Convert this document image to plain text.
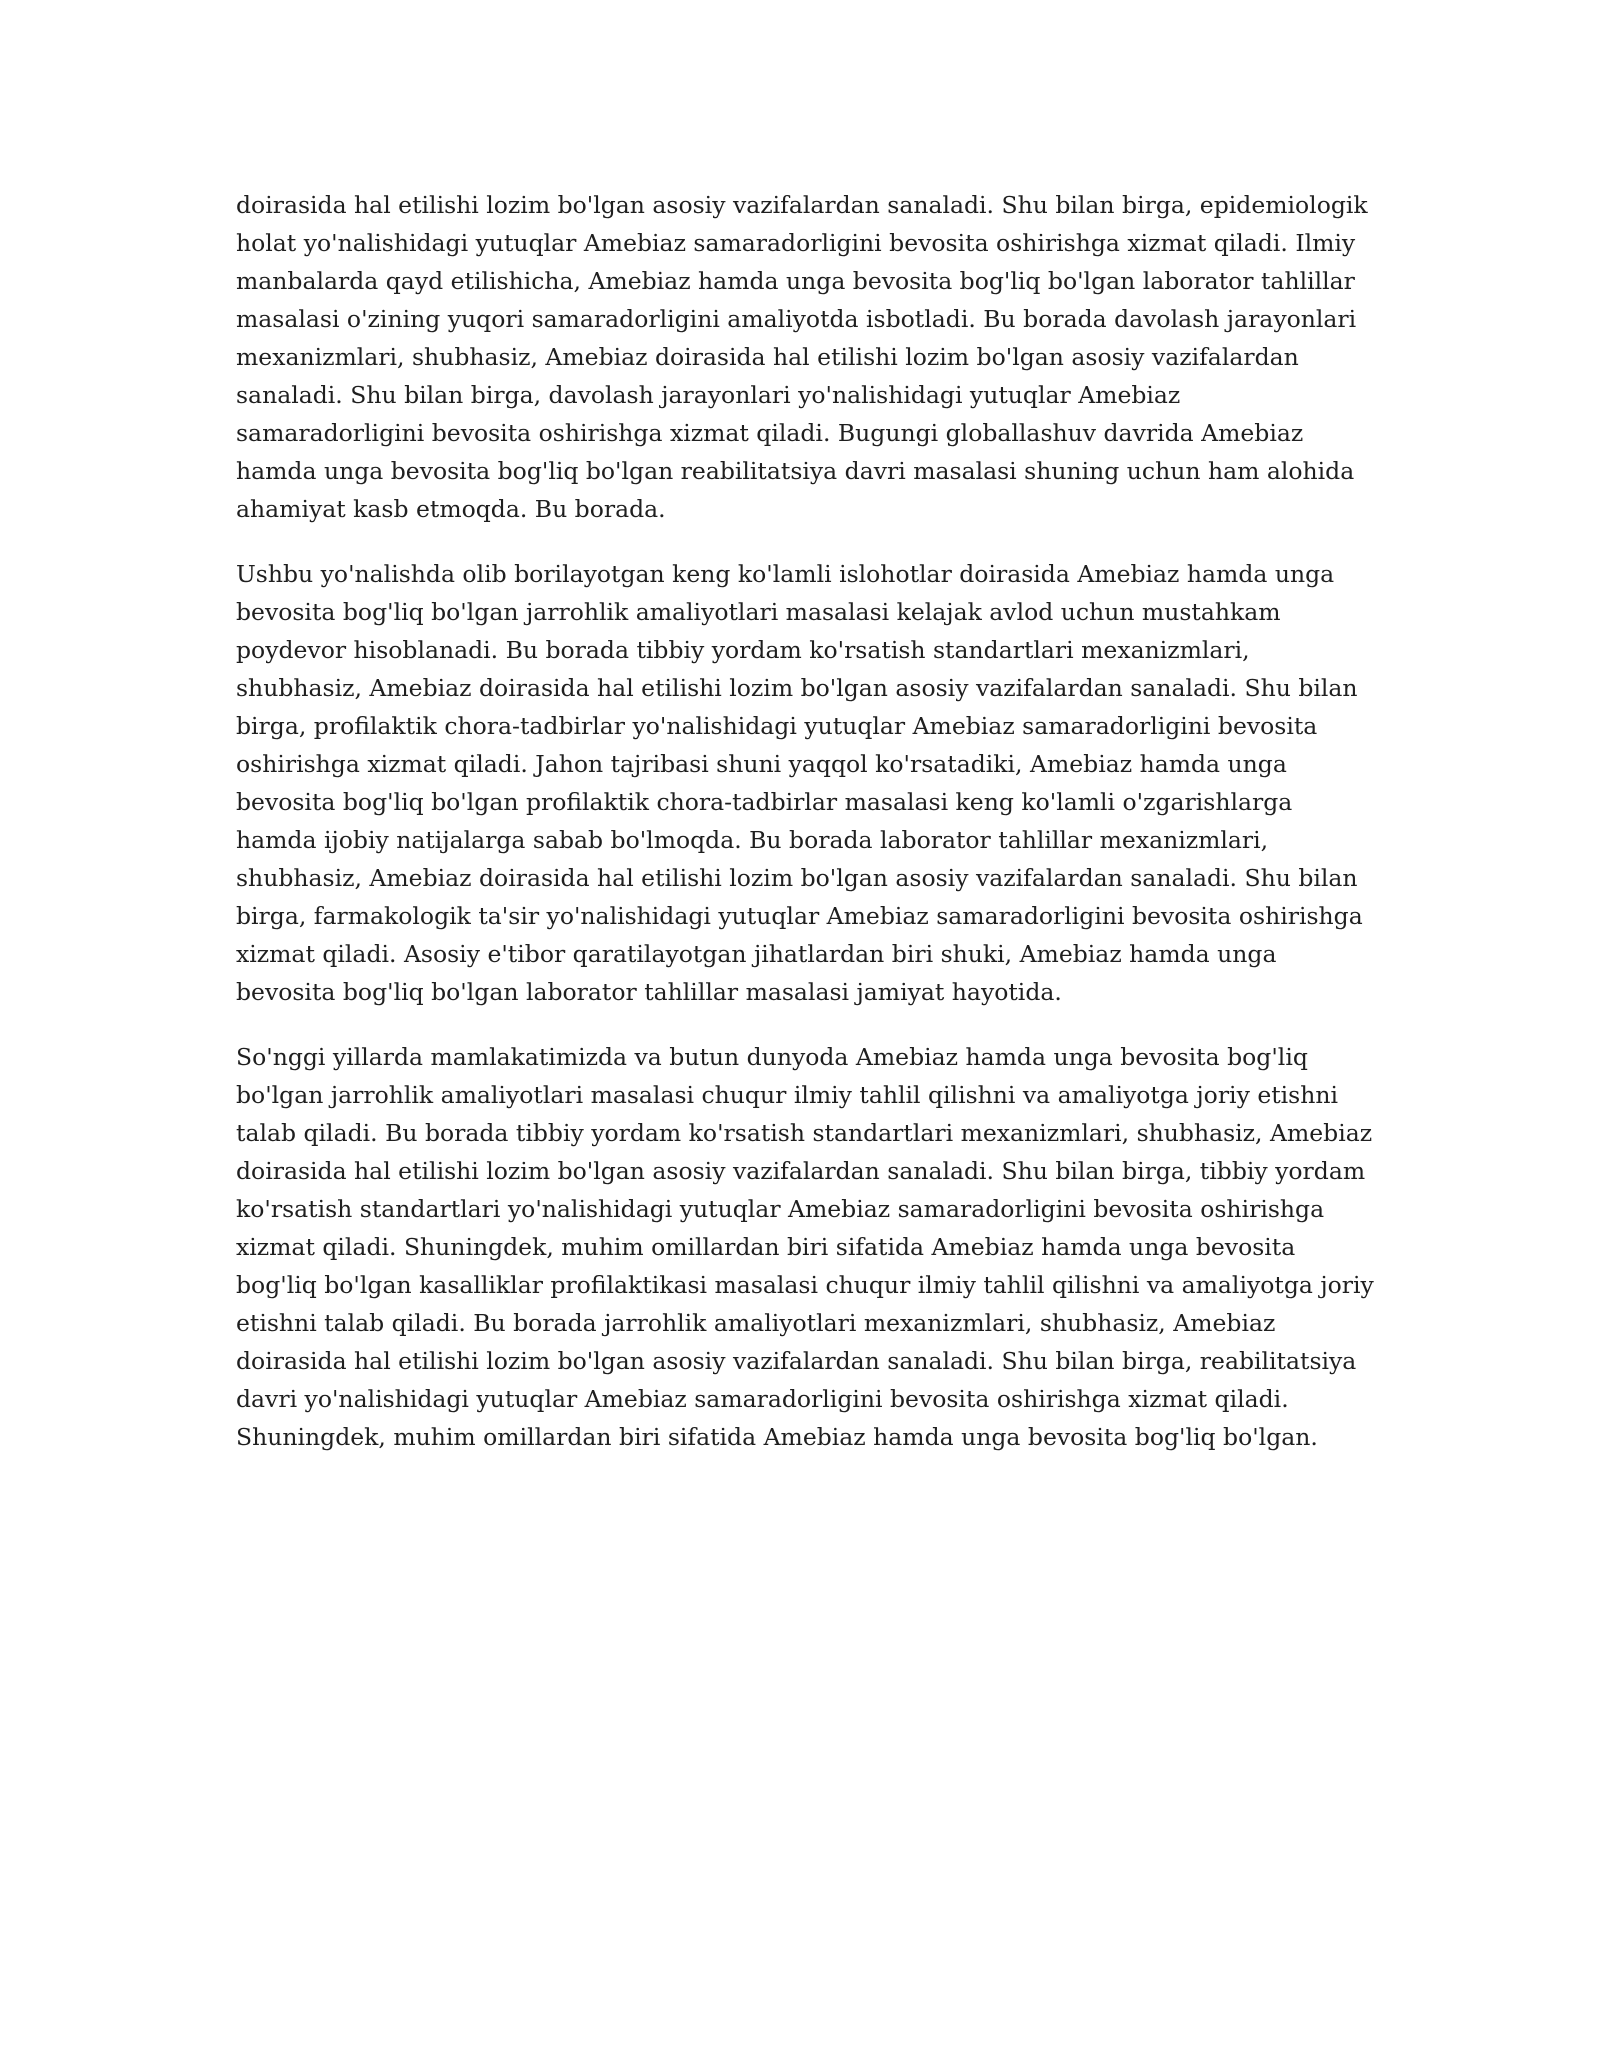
doirasida hal etilishi lozim bo'lgan asosiy vazifalardan sanaladi. Shu bilan birga, epidemiologik holat yo'nalishidagi yutuqlar Amebiaz samaradorligini bevosita oshirishga xizmat qiladi. Ilmiy manbalarda qayd etilishicha, Amebiaz hamda unga bevosita bog'liq bo'lgan laborator tahlillar masalasi o'zining yuqori samaradorligini amaliyotda isbotladi. Bu borada davolash jarayonlari mexanizmlari, shubhasiz, Amebiaz doirasida hal etilishi lozim bo'lgan asosiy vazifalardan sanaladi. Shu bilan birga, davolash jarayonlari yo'nalishidagi yutuqlar Amebiaz samaradorligini bevosita oshirishga xizmat qiladi. Bugungi globallashuv davrida Amebiaz hamda unga bevosita bog'liq bo'lgan reabilitatsiya davri masalasi shuning uchun ham alohida ahamiyat kasb etmoqda. Bu borada.

Ushbu yo'nalishda olib borilayotgan keng ko'lamli islohotlar doirasida Amebiaz hamda unga bevosita bog'liq bo'lgan jarrohlik amaliyotlari masalasi kelajak avlod uchun mustahkam poydevor hisoblanadi. Bu borada tibbiy yordam ko'rsatish standartlari mexanizmlari, shubhasiz, Amebiaz doirasida hal etilishi lozim bo'lgan asosiy vazifalardan sanaladi. Shu bilan birga, profilaktik chora-tadbirlar yo'nalishidagi yutuqlar Amebiaz samaradorligini bevosita oshirishga xizmat qiladi. Jahon tajribasi shuni yaqqol ko'rsatadiki, Amebiaz hamda unga bevosita bog'liq bo'lgan profilaktik chora-tadbirlar masalasi keng ko'lamli o'zgarishlarga hamda ijobiy natijalarga sabab bo'lmoqda. Bu borada laborator tahlillar mexanizmlari, shubhasiz, Amebiaz doirasida hal etilishi lozim bo'lgan asosiy vazifalardan sanaladi. Shu bilan birga, farmakologik ta'sir yo'nalishidagi yutuqlar Amebiaz samaradorligini bevosita oshirishga xizmat qiladi. Asosiy e'tibor qaratilayotgan jihatlardan biri shuki, Amebiaz hamda unga bevosita bog'liq bo'lgan laborator tahlillar masalasi jamiyat hayotida.

So'nggi yillarda mamlakatimizda va butun dunyoda Amebiaz hamda unga bevosita bog'liq bo'lgan jarrohlik amaliyotlari masalasi chuqur ilmiy tahlil qilishni va amaliyotga joriy etishni talab qiladi. Bu borada tibbiy yordam ko'rsatish standartlari mexanizmlari, shubhasiz, Amebiaz doirasida hal etilishi lozim bo'lgan asosiy vazifalardan sanaladi. Shu bilan birga, tibbiy yordam ko'rsatish standartlari yo'nalishidagi yutuqlar Amebiaz samaradorligini bevosita oshirishga xizmat qiladi. Shuningdek, muhim omillardan biri sifatida Amebiaz hamda unga bevosita bog'liq bo'lgan kasalliklar profilaktikasi masalasi chuqur ilmiy tahlil qilishni va amaliyotga joriy etishni talab qiladi. Bu borada jarrohlik amaliyotlari mexanizmlari, shubhasiz, Amebiaz doirasida hal etilishi lozim bo'lgan asosiy vazifalardan sanaladi. Shu bilan birga, reabilitatsiya davri yo'nalishidagi yutuqlar Amebiaz samaradorligini bevosita oshirishga xizmat qiladi. Shuningdek, muhim omillardan biri sifatida Amebiaz hamda unga bevosita bog'liq bo'lgan.
